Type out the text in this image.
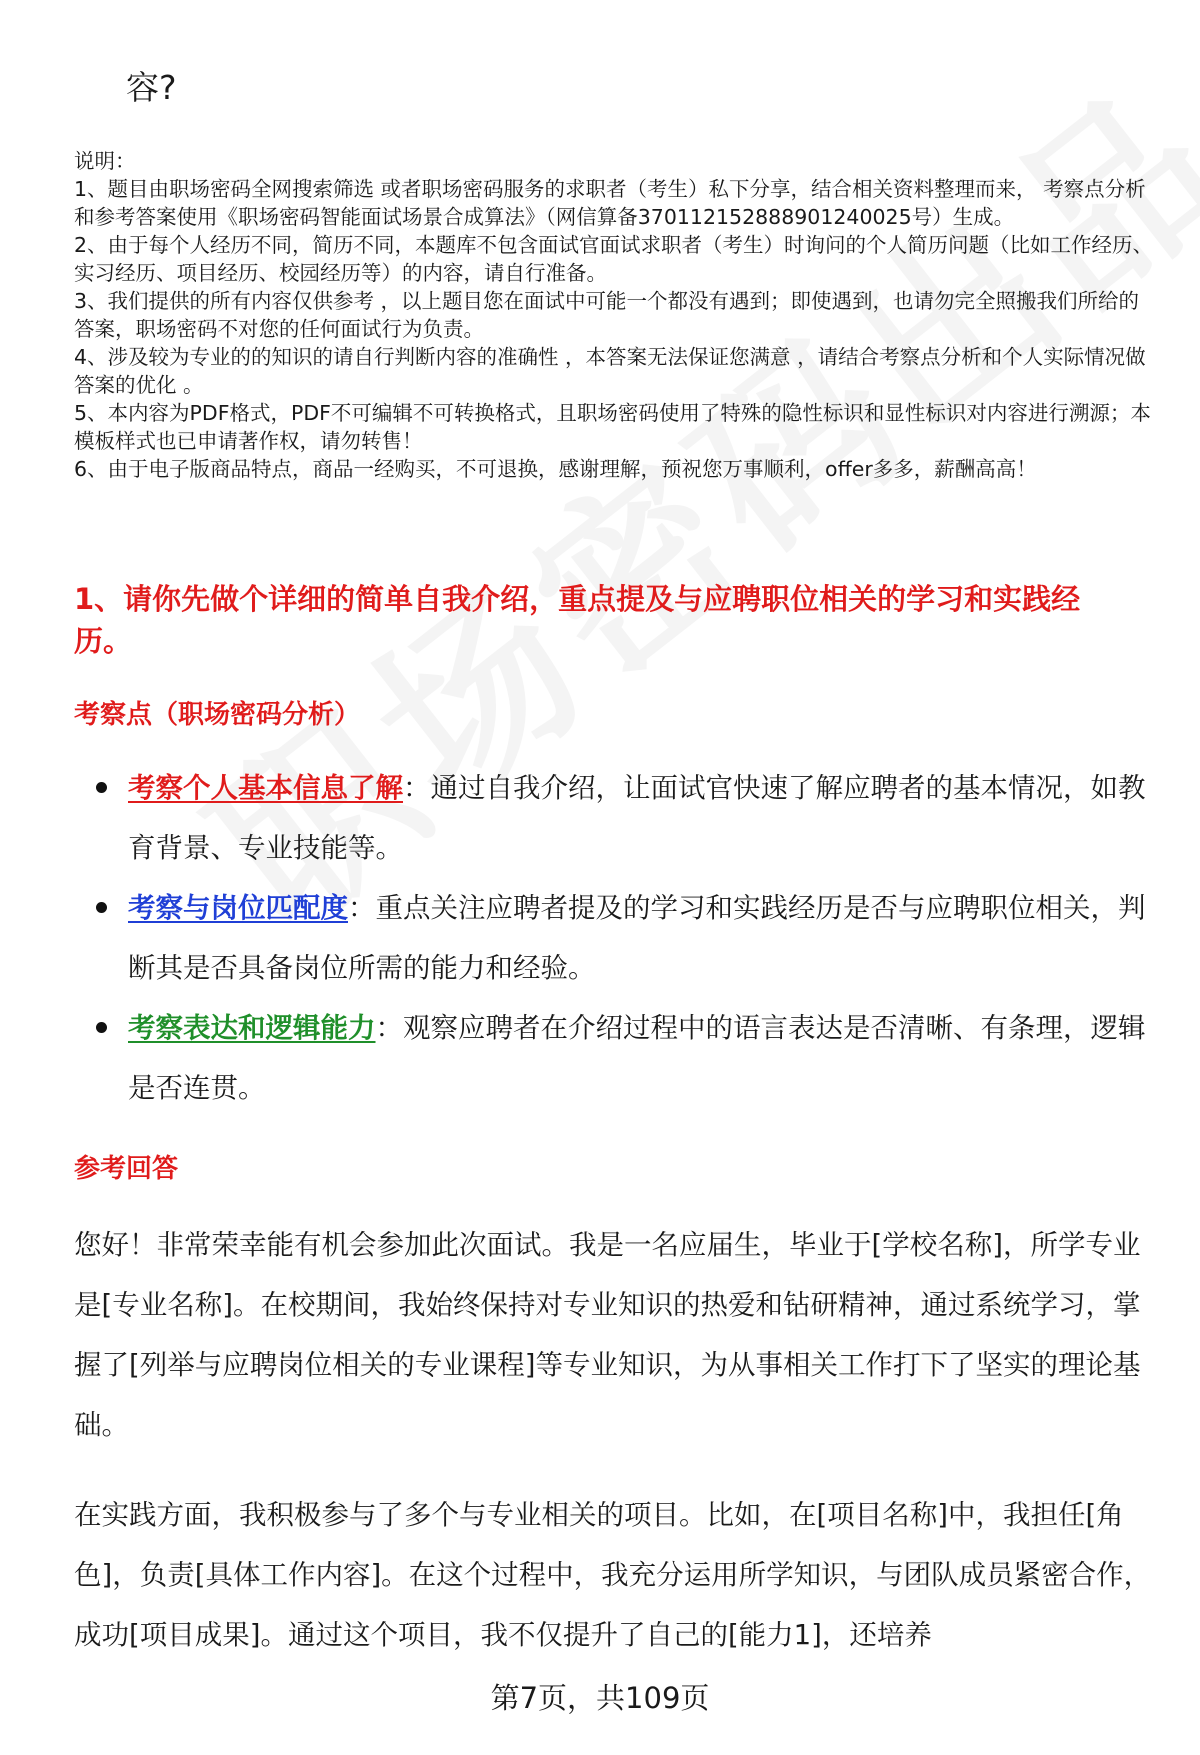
容?

说明：

1、题目由职场密码全网搜索筛选 或者职场密码服务的求职者（考生）私下分享，结合相关资料整理而来， 考察点分析和参考答案使用《职场密码智能面试场景合成算法》（网信算备370112152888901240025号）生成。

2、由于每个人经历不同，简历不同，本题库不包含面试官面试求职者（考生）时询问的个人简历问题（比如工作经历、实习经历、项目经历、校园经历等）的内容，请自行准备。

3、我们提供的所有内容仅供参考 ，以上题目您在面试中可能一个都没有遇到；即使遇到，也请勿完全照搬我们所给的答案，职场密码不对您的任何面试行为负责。

4、涉及较为专业的的知识的请自行判断内容的准确性 ，本答案无法保证您满意 ，请结合考察点分析和个人实际情况做答案的优化 。

5、本内容为PDF格式，PDF不可编辑不可转换格式，且职场密码使用了特殊的隐性标识和显性标识对内容进行溯源；本模板样式也已申请著作权，请勿转售！

6、由于电子版商品特点，商品一经购买，不可退换，感谢理解，预祝您万事顺利，offer多多，薪酬高高！

1、请你先做个详细的简单自我介绍，重点提及与应聘职位相关的学习和实践经历。
考察点（职场密码分析）
考察个人基本信息了解：通过自我介绍，让面试官快速了解应聘者的基本情况，如教育背景、专业技能等。
考察与岗位匹配度：重点关注应聘者提及的学习和实践经历是否与应聘职位相关，判断其是否具备岗位所需的能力和经验。
考察表达和逻辑能力：观察应聘者在介绍过程中的语言表达是否清晰、有条理，逻辑是否连贯。
参考回答

您好！非常荣幸能有机会参加此次面试。我是一名应届生，毕业于[学校名称]，所学专业是[专业名称]。在校期间，我始终保持对专业知识的热爱和钻研精神，通过系统学习，掌握了[列举与应聘岗位相关的专业课程]等专业知识，为从事相关工作打下了坚实的理论基础。

在实践方面，我积极参与了多个与专业相关的项目。比如，在[项目名称]中，我担任[角色]，负责[具体工作内容]。在这个过程中，我充分运用所学知识，与团队成员紧密合作，成功[项目成果]。通过这个项目，我不仅提升了自己的[能力1]，还培养

第7页，共109页
